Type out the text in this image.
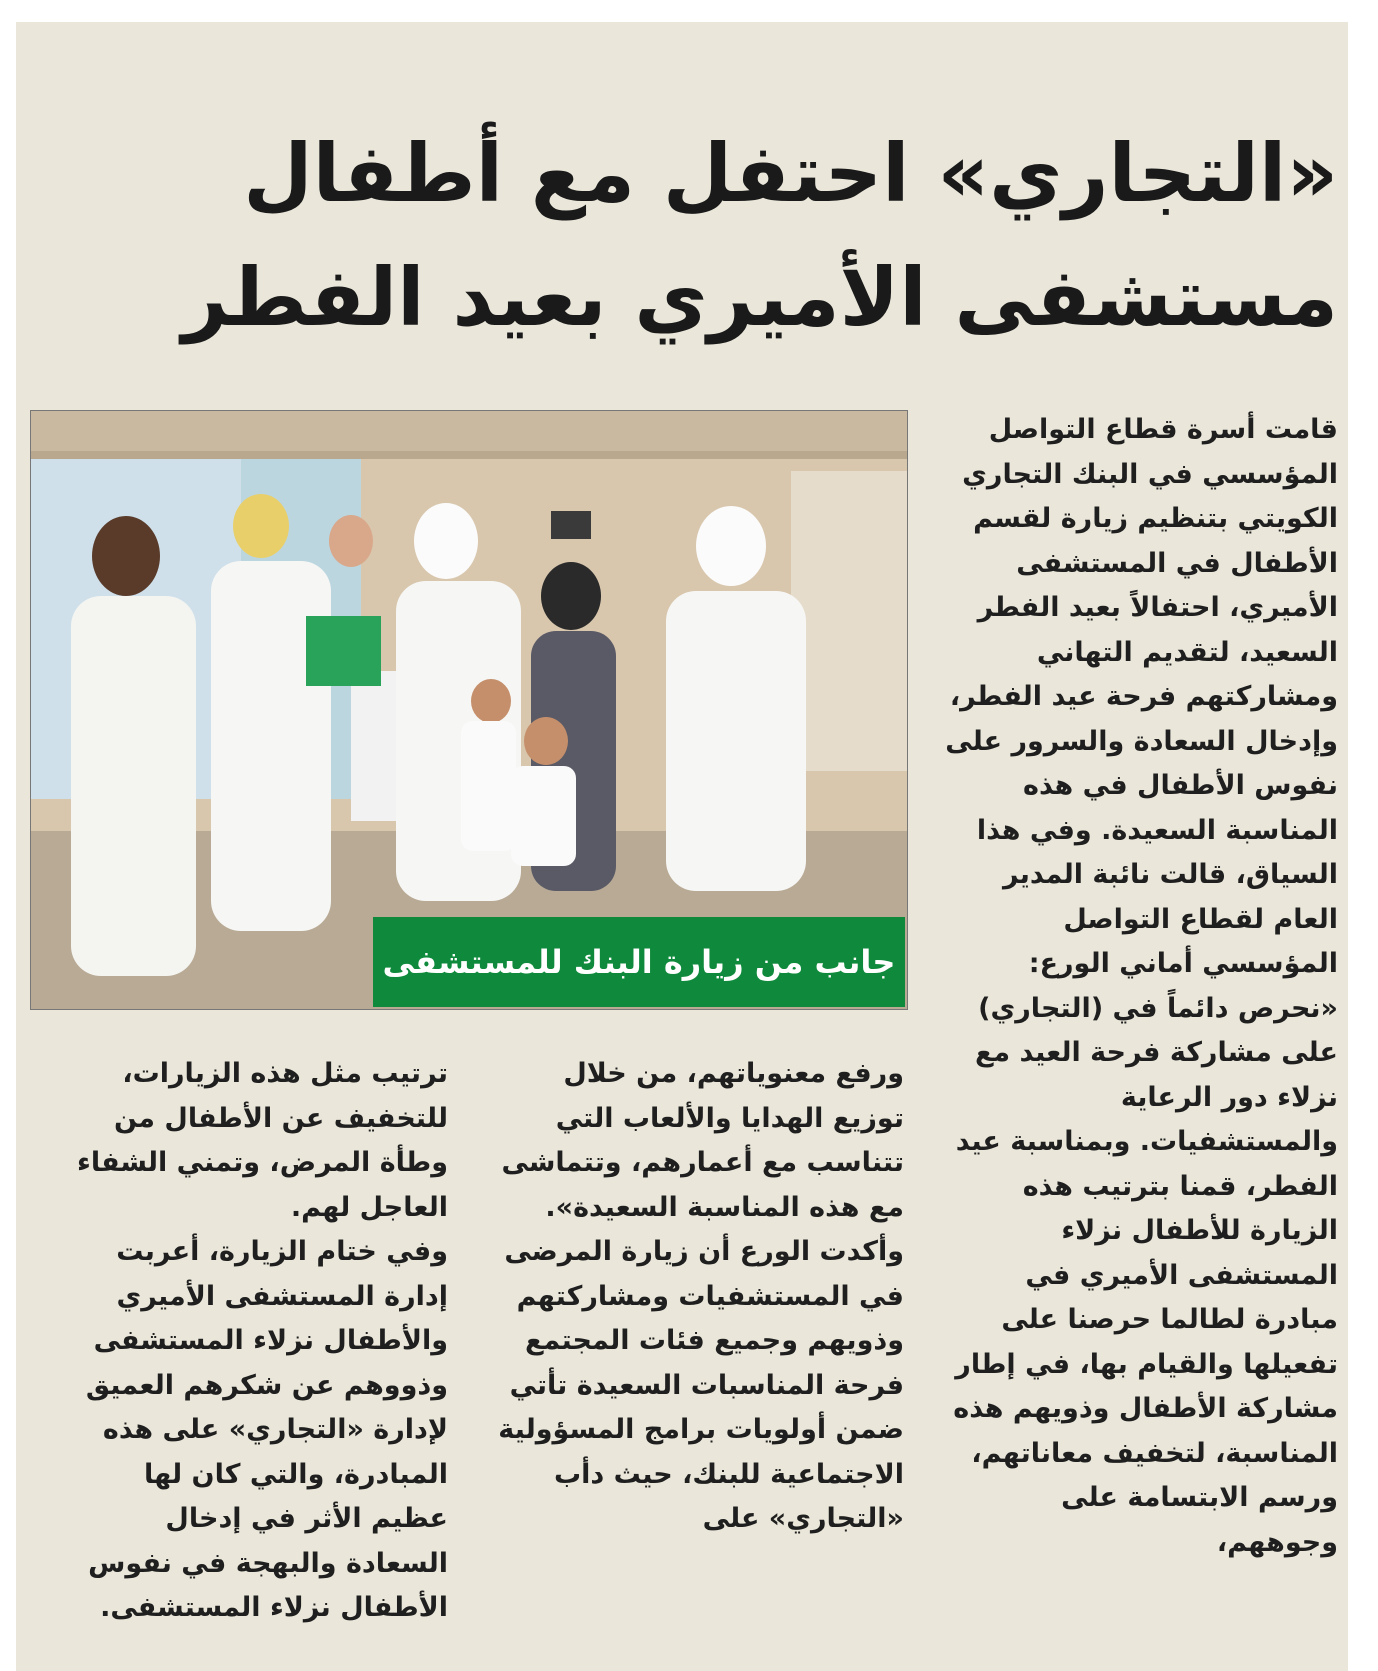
«التجاري» احتفل مع أطفال
مستشفى الأميري بعيد الفطر
جانب من زيارة البنك للمستشفى

قامت أسرة قطاع التواصل المؤسسي في البنك التجاري الكويتي بتنظيم زيارة لقسم الأطفال في المستشفى الأميري، احتفالاً بعيد الفطر السعيد، لتقديم التهاني ومشاركتهم فرحة عيد الفطر، وإدخال السعادة والسرور على نفوس الأطفال في هذه المناسبة السعيدة. وفي هذا السياق، قالت نائبة المدير العام لقطاع التواصل المؤسسي أماني الورع: «نحرص دائماً في (التجاري) على مشاركة فرحة العيد مع نزلاء دور الرعاية والمستشفيات. وبمناسبة عيد الفطر، قمنا بترتيب هذه الزيارة للأطفال نزلاء المستشفى الأميري في مبادرة لطالما حرصنا على تفعيلها والقيام بها، في إطار مشاركة الأطفال وذويهم هذه المناسبة، لتخفيف معاناتهم، ورسم الابتسامة على وجوههم،

ورفع معنوياتهم، من خلال توزيع الهدايا والألعاب التي تتناسب مع أعمارهم، وتتماشى مع هذه المناسبة السعيدة».

وأكدت الورع أن زيارة المرضى في المستشفيات ومشاركتهم وذويهم وجميع فئات المجتمع فرحة المناسبات السعيدة تأتي ضمن أولويات برامج المسؤولية الاجتماعية للبنك، حيث دأب «التجاري» على

ترتيب مثل هذه الزيارات، للتخفيف عن الأطفال من وطأة المرض، وتمني الشفاء العاجل لهم.

وفي ختام الزيارة، أعربت إدارة المستشفى الأميري والأطفال نزلاء المستشفى وذووهم عن شكرهم العميق لإدارة «التجاري» على هذه المبادرة، والتي كان لها عظيم الأثر في إدخال السعادة والبهجة في نفوس الأطفال نزلاء المستشفى.
